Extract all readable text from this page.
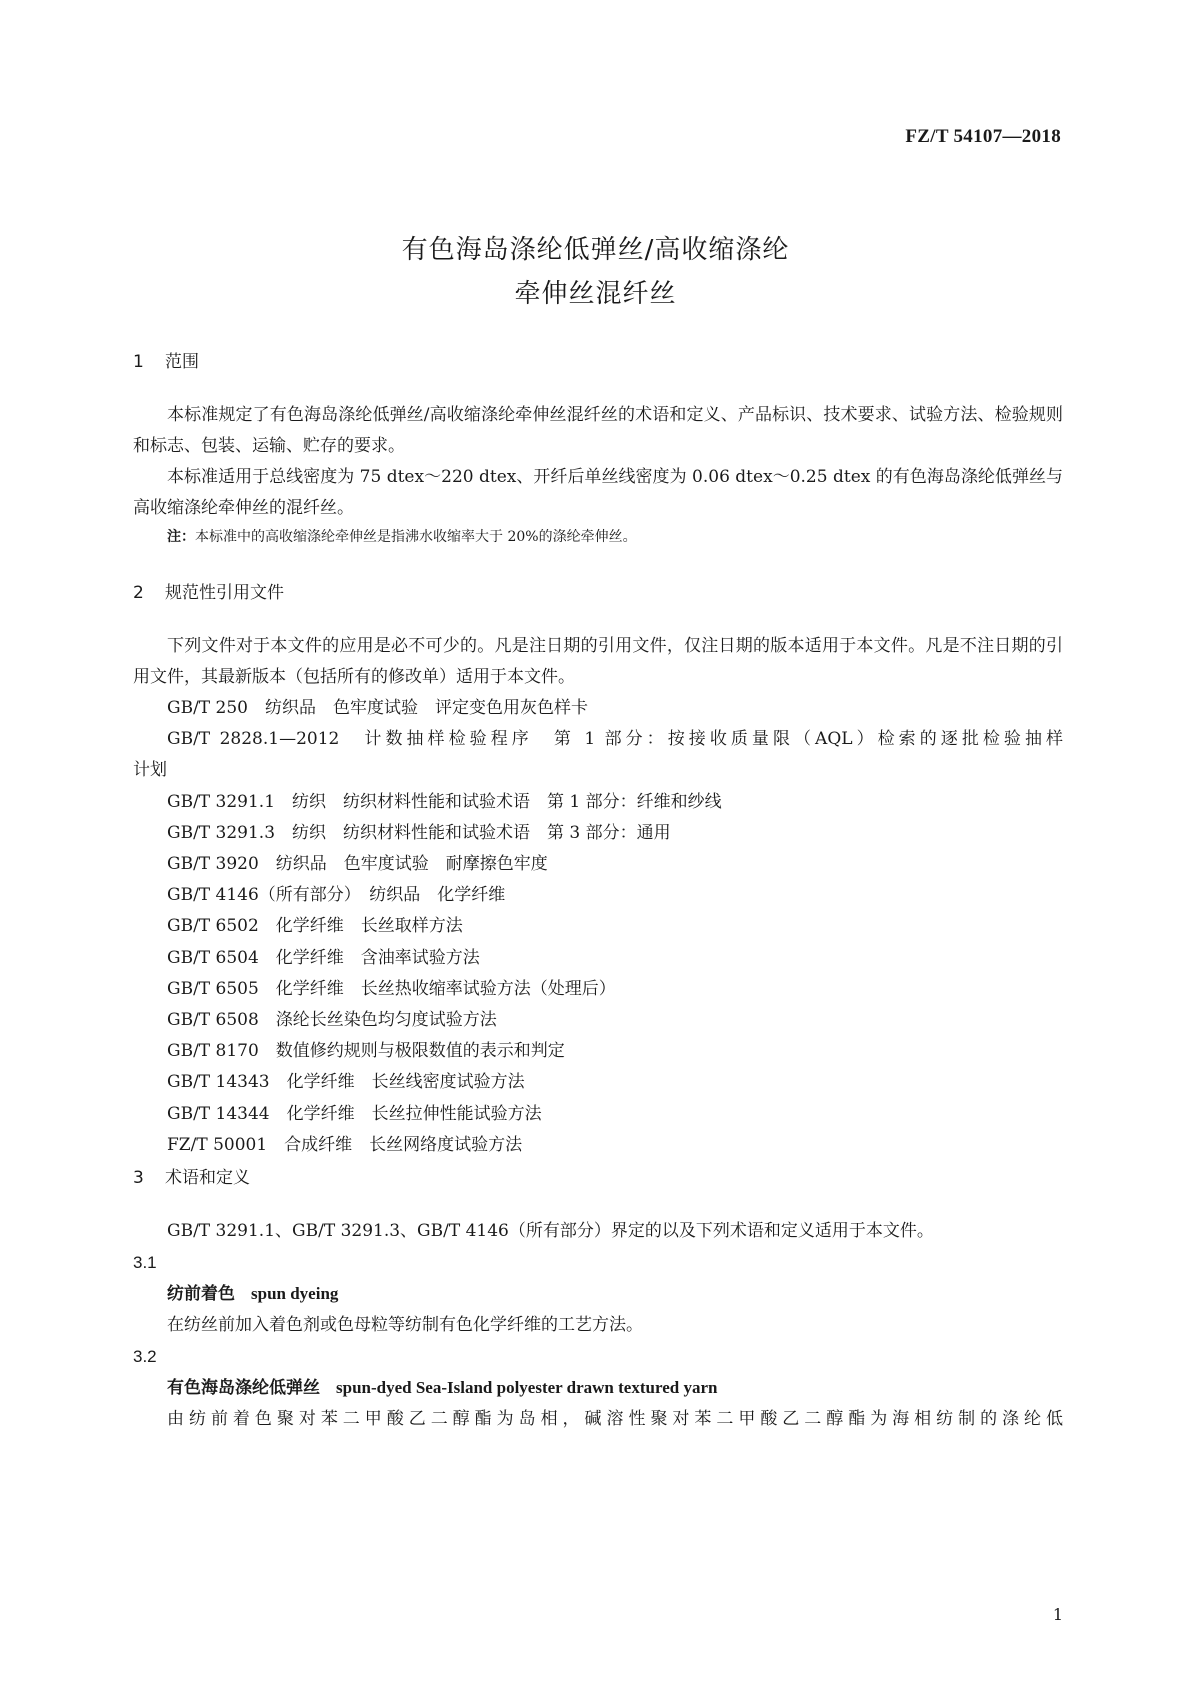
FZ/T 54107—2018
有色海岛涤纶低弹丝/高收缩涤纶
牵伸丝混纤丝
1 范围

本标准规定了有色海岛涤纶低弹丝/高收缩涤纶牵伸丝混纤丝的术语和定义、产品标识、技术要求、试验方法、检验规则和标志、包装、运输、贮存的要求。

本标准适用于总线密度为 75 dtex～220 dtex、开纤后单丝线密度为 0.06 dtex～0.25 dtex 的有色海岛涤纶低弹丝与高收缩涤纶牵伸丝的混纤丝。

注：本标准中的高收缩涤纶牵伸丝是指沸水收缩率大于 20%的涤纶牵伸丝。

2 规范性引用文件

下列文件对于本文件的应用是必不可少的。凡是注日期的引用文件，仅注日期的版本适用于本文件。凡是不注日期的引用文件，其最新版本（包括所有的修改单）适用于本文件。

GB/T 250　纺织品　色牢度试验　评定变色用灰色样卡

GB/T 2828.1—2012　计数抽样检验程序　第 1 部分：按接收质量限（AQL）检索的逐批检验抽样

计划

GB/T 3291.1　纺织　纺织材料性能和试验术语　第 1 部分：纤维和纱线

GB/T 3291.3　纺织　纺织材料性能和试验术语　第 3 部分：通用

GB/T 3920　纺织品　色牢度试验　耐摩擦色牢度

GB/T 4146（所有部分）　纺织品　化学纤维

GB/T 6502　化学纤维　长丝取样方法

GB/T 6504　化学纤维　含油率试验方法

GB/T 6505　化学纤维　长丝热收缩率试验方法（处理后）

GB/T 6508　涤纶长丝染色均匀度试验方法

GB/T 8170　数值修约规则与极限数值的表示和判定

GB/T 14343　化学纤维　长丝线密度试验方法

GB/T 14344　化学纤维　长丝拉伸性能试验方法

FZ/T 50001　合成纤维　长丝网络度试验方法

3 术语和定义

GB/T 3291.1、GB/T 3291.3、GB/T 4146（所有部分）界定的以及下列术语和定义适用于本文件。

3.1

纺前着色 spun dyeing

在纺丝前加入着色剂或色母粒等纺制有色化学纤维的工艺方法。

3.2

有色海岛涤纶低弹丝 spun-dyed Sea-Island polyester drawn textured yarn

由纺前着色聚对苯二甲酸乙二醇酯为岛相，碱溶性聚对苯二甲酸乙二醇酯为海相纺制的涤纶低

1
